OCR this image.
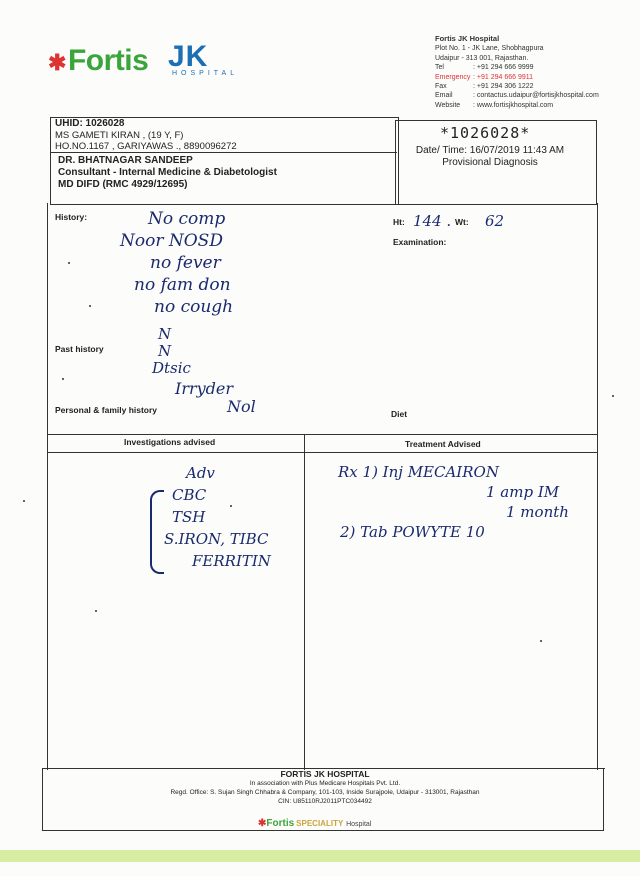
✱Fortis JK
HOSPITAL
Fortis JK Hospital
Plot No. 1 - JK Lane, Shobhagpura
Udaipur - 313 001, Rajasthan.
Tel	: +91 294 666 9999
Emergency : +91 294 666 9911
Fax	: +91 294 306 1222
Email	: contactus.udaipur@fortisjkhospital.com
Website : www.fortisjkhospital.com
UHID: 1026028
MS GAMETI KIRAN , (19 Y, F)
HO.NO.1167 , GARIYAWAS ., 8890096272
DR. BHATNAGAR SANDEEP
Consultant - Internal Medicine & Diabetologist
MD DIFD (RMC 4929/12695)
*1026028*
Date/ Time: 16/07/2019 11:43 AM
Provisional Diagnosis
History:	Ht:	Wt:
Examination:
Past history
Personal & family history	Diet
Investigations advised	Treatment Advised
144 . 62
No comp
Noor NOSD
no fever
no fam don
no cough
N
N
Dtsic
Irryder
Nol
Adv
CBC
TSH
S.IRON, TIBC
FERRITIN
Rx 1) Inj MECAIRON
1 amp IM
1 month
2) Tab POWYTE 10
FORTIS JK HOSPITAL
In association with Plus Medicare Hospitals Pvt. Ltd.
Regd. Office: S. Sujan Singh Chhabra & Company, 101-103, Inside Surajpole, Udaipur - 313001, Rajasthan
CIN: U85110RJ2011PTC034492
✱Fortis SPECIALITY Hospital
